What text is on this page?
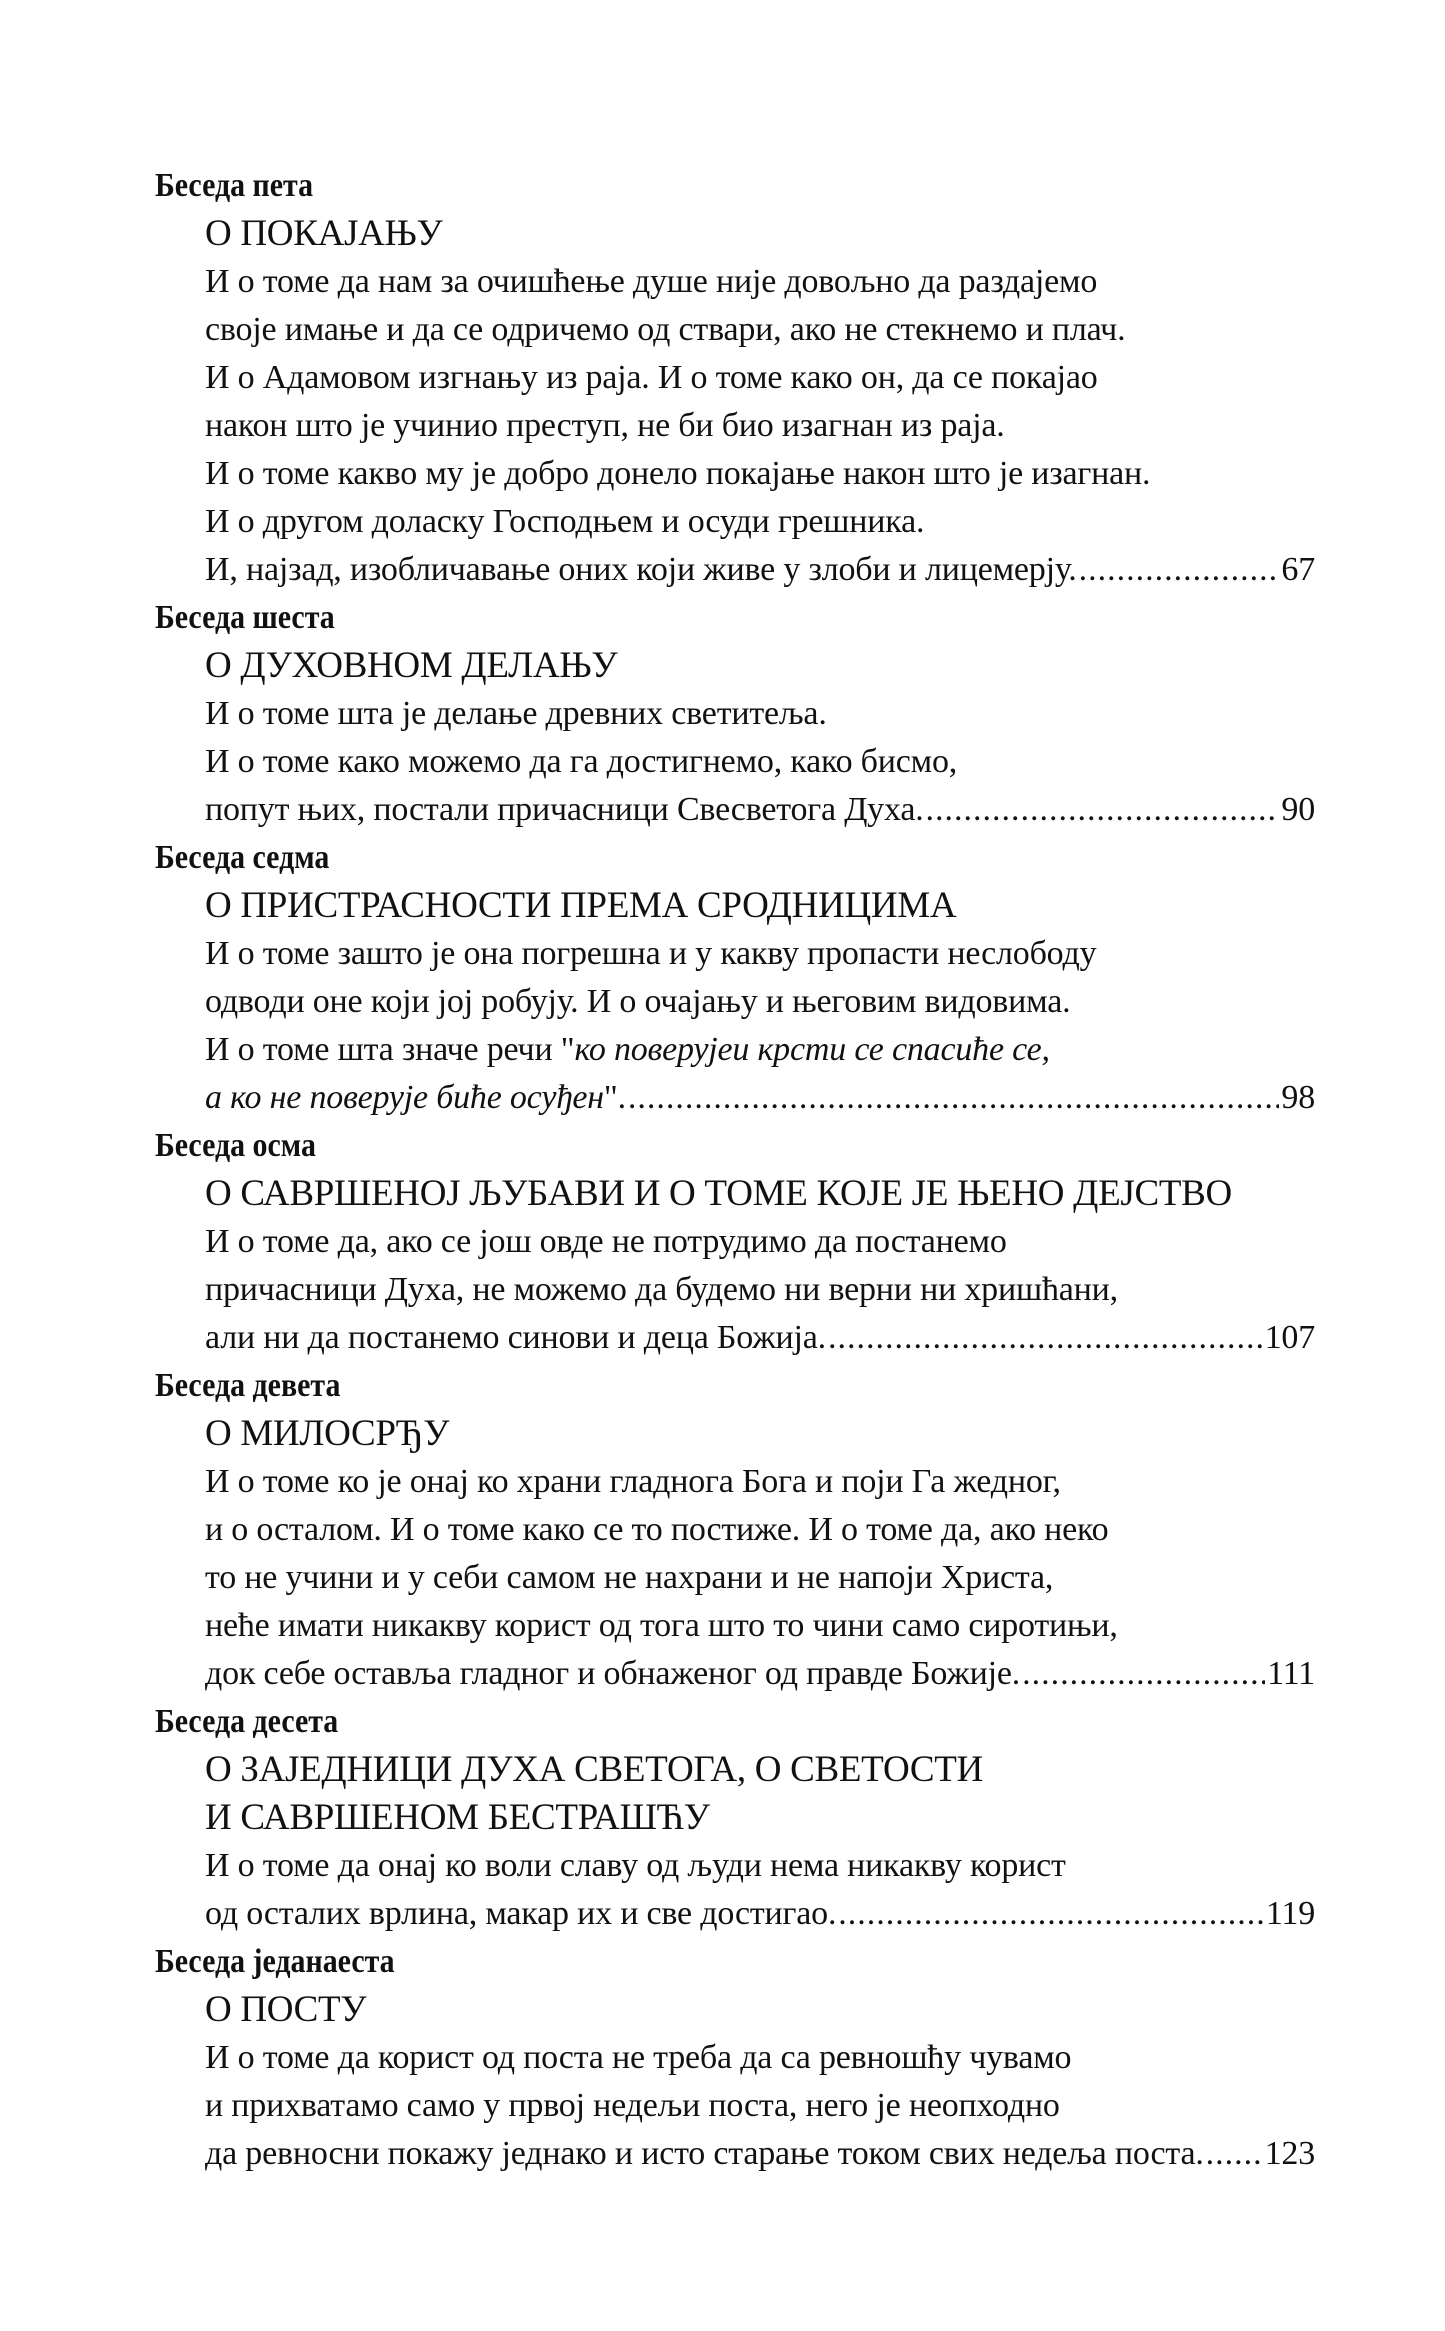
Беседа пета
О ПОКАЈАЊУ
И о томе да нам за очишћење душе није довољно да раздајемо
своје имање и да се одричемо од ствари, ако не стекнемо и плач.
И о Адамовом изгнању из раја. И о томе како он, да се покајао
након што је учинио преступ, не би био изагнан из раја.
И о томе какво му је добро донело покајање након што је изагнан.
И о другом доласку Господњем и осуди грешника.
И, најзад, изобличавање оних који живе у злоби и лицемерју. .....	67
Беседа шеста
О ДУХОВНОМ ДЕЛАЊУ
И о томе шта је делање древних светитеља.
И о томе како можемо да га достигнемо, како бисмо,
попут њих, постали причасници Свесветога Духа. .....	90
Беседа седма
О ПРИСТРАСНОСТИ ПРЕМА СРОДНИЦИМА
И о томе зашто је она погрешна и у какву пропасти неслободу
одводи оне који јој робују. И о очајању и његовим видовима.
И о томе шта значе речи "ко поверујеи крсти се спасиће се,
а ко не поверује биће осуђен". .....	98
Беседа осма
О САВРШЕНОЈ ЉУБАВИ И О ТОМЕ КОЈЕ ЈЕ ЊЕНО ДЕЈСТВО
И о томе да, ако се још овде не потрудимо да постанемо
причасници Духа, не можемо да будемо ни верни ни хришћани,
али ни да постанемо синови и деца Божија. .....	107
Беседа девета
О МИЛОСРЂУ
И о томе ко је онај ко храни гладнога Бога и поји Га жедног,
и о осталом. И о томе како се то постиже. И о томе да, ако неко
то не учини и у себи самом не нахрани и не напоји Христа,
неће имати никакву корист од тога што то чини само сиротињи,
док себе оставља гладног и обнаженог од правде Божије. .....	111
Беседа десета
О ЗАЈЕДНИЦИ ДУХА СВЕТОГА, О СВЕТОСТИ
И САВРШЕНОМ БЕСТРАШЋУ
И о томе да онај ко воли славу од људи нема никакву корист
од осталих врлина, макар их и све достигао. .....	119
Беседа једанаеста
О ПОСТУ
И о томе да корист од поста не треба да са ревношћу чувамо
и прихватамо само у првој недељи поста, него је неопходно
да ревносни покажу једнако и исто старање током свих недеља поста. ..... 123
